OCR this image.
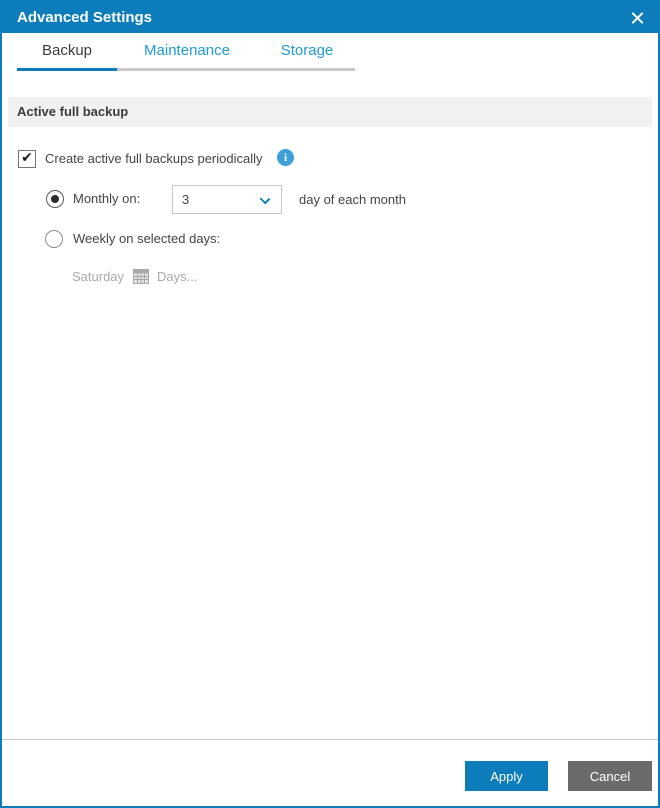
Advanced Settings
Backup	Maintenance	Storage
Active full backup
✔ Create active full backups periodically	i
Monthly on:	3	day of each month
Weekly on selected days:
Saturday	Days...
Apply	Cancel
